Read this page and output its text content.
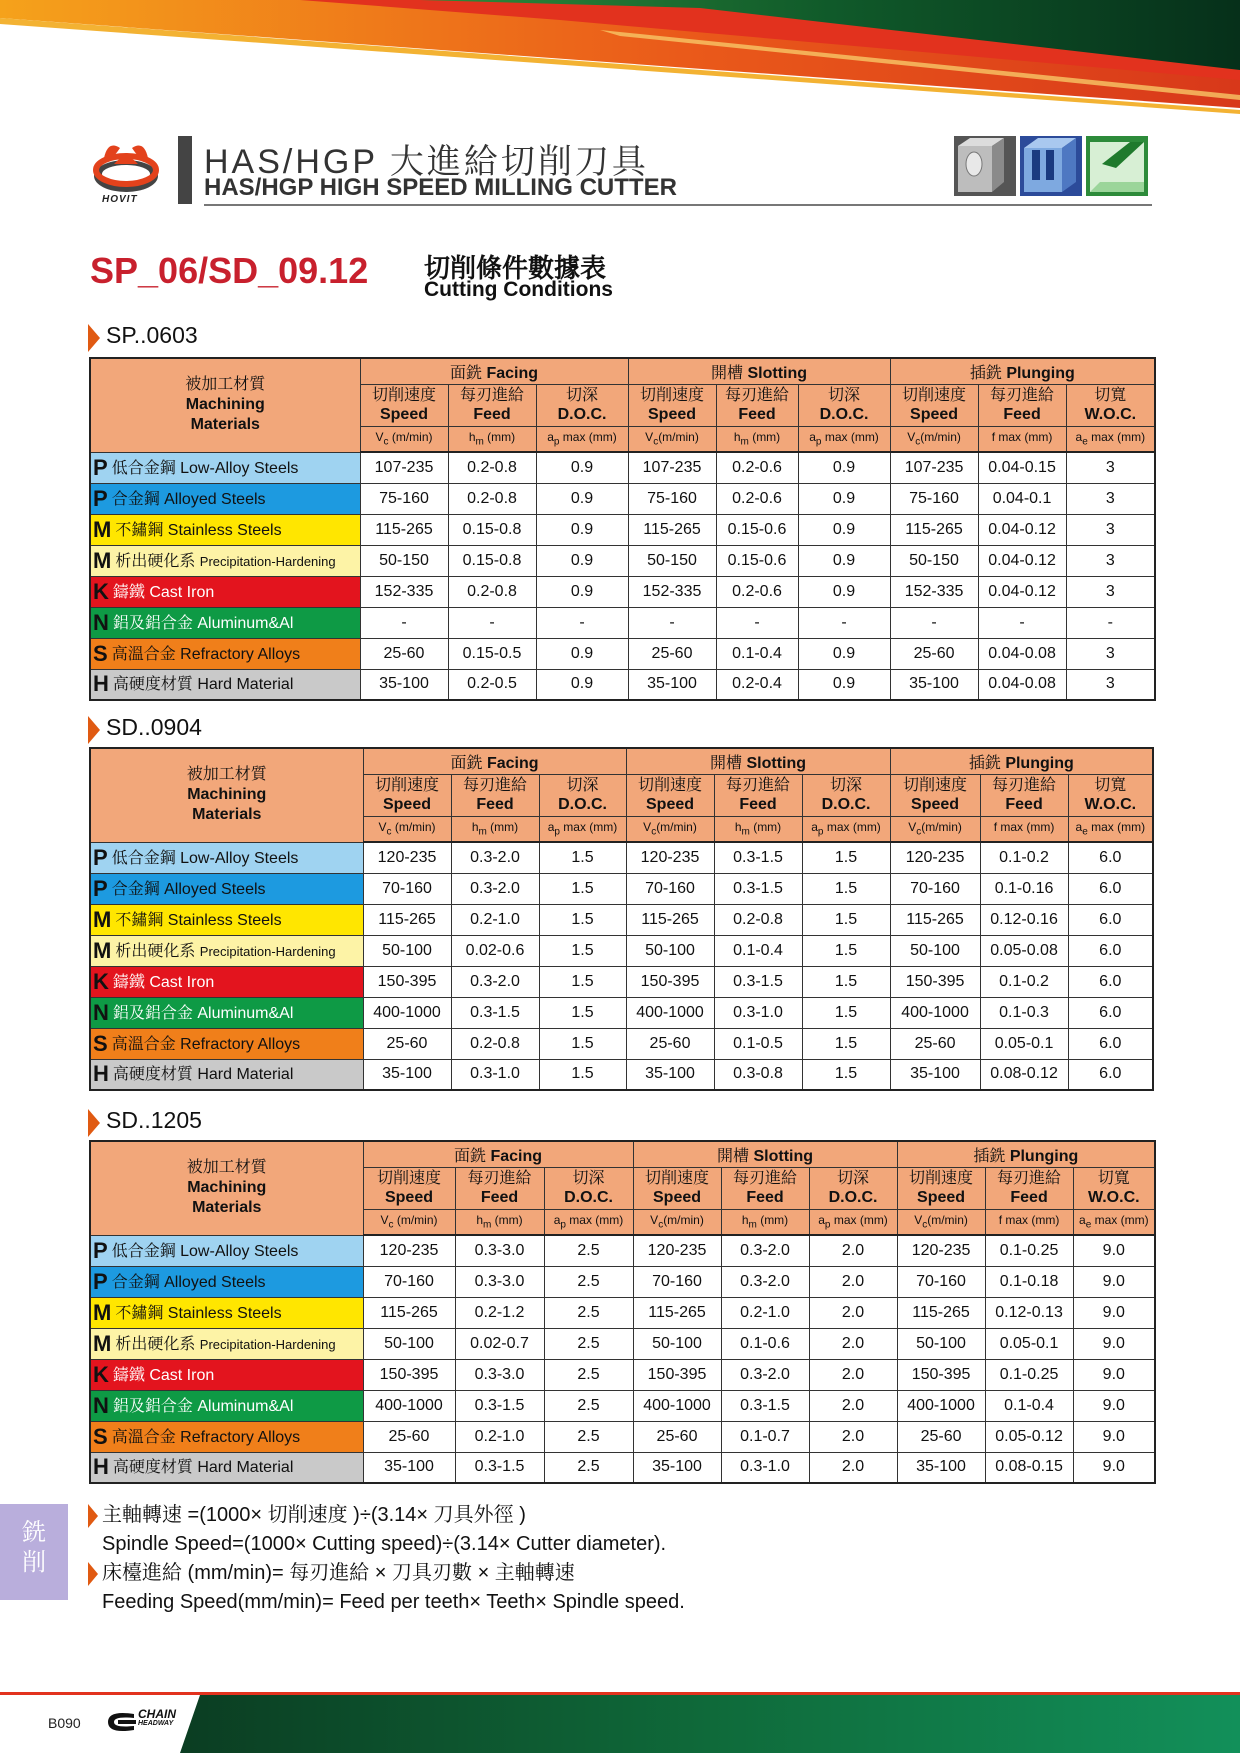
HOVIT
HAS/HGP 大進給切削刀具
HAS/HGP HIGH SPEED MILLING CUTTER
SP_06/SD_09.12 切削條件數據表
Cutting Conditions
SP..0603
被加工材質
Machining
Materials	面銑 Facing			開槽 Slotting			插銑 Plunging		

	切削速度
Speed	每刃進給
Feed	切深
D.O.C.	切削速度
Speed	每刃進給
Feed	切深
D.O.C.	切削速度
Speed	每刃進給
Feed	切寬
W.O.C.

	$V_c$ (m/min)	$h_m$ (mm)	$a_p$ max (mm)	$V_c(m/\min)$	$h_m$ (mm)	$a_p$ max (mm)	$V_c(m/\min)$	f max (mm)	$a_e$ max (mm)
P 低合金鋼 Low-Alloy Steels	107-235	0.2-0.8	0.9	107-235	0.2-0.6	0.9	107-235	0.04-0.15	3
P 合金鋼 Alloyed Steels	75-160	0.2-0.8	0.9	75-160	0.2-0.6	0.9	75-160	0.04-0.1	3
M 不鏽鋼 Stainless Steels	115-265	0.15-0.8	0.9	115-265	0.15-0.6	0.9	115-265	0.04-0.12	3
M 析出硬化系 Precipitation-Hardening	50-150	0.15-0.8	0.9	50-150	0.15-0.6	0.9	50-150	0.04-0.12	3
K 鑄鐵 Cast Iron	152-335	0.2-0.8	0.9	152-335	0.2-0.6	0.9	152-335	0.04-0.12	3
N 鋁及鋁合金 Aluminum&Al	-	-	-	-	-	-	-	-	-
S 高溫合金 Refractory Alloys	25-60	0.15-0.5	0.9	25-60	0.1-0.4	0.9	25-60	0.04-0.08	3
H 高硬度材質 Hard Material	35-100	0.2-0.5	0.9	35-100	0.2-0.4	0.9	35-100	0.04-0.08	3
SD..0904
被加工材質
Machining
Materials	面銑 Facing			開槽 Slotting			插銑 Plunging		

	切削速度
Speed	每刃進給
Feed	切深
D.O.C.	切削速度
Speed	每刃進給
Feed	切深
D.O.C.	切削速度
Speed	每刃進給
Feed	切寬
W.O.C.

	$V_c$ (m/min)	$h_m$ (mm)	$a_p$ max (mm)	$V_c(m/\min)$	$h_m$ (mm)	$a_p$ max (mm)	$V_c(m/\min)$	f max (mm)	$a_e$ max (mm)
P 低合金鋼 Low-Alloy Steels	120-235	0.3-2.0	1.5	120-235	0.3-1.5	1.5	120-235	0.1-0.2	6.0
P 合金鋼 Alloyed Steels	70-160	0.3-2.0	1.5	70-160	0.3-1.5	1.5	70-160	0.1-0.16	6.0
M 不鏽鋼 Stainless Steels	115-265	0.2-1.0	1.5	115-265	0.2-0.8	1.5	115-265	0.12-0.16	6.0
M 析出硬化系 Precipitation-Hardening	50-100	0.02-0.6	1.5	50-100	0.1-0.4	1.5	50-100	0.05-0.08	6.0
K 鑄鐵 Cast Iron	150-395	0.3-2.0	1.5	150-395	0.3-1.5	1.5	150-395	0.1-0.2	6.0
N 鋁及鋁合金 Aluminum&Al	400-1000	0.3-1.5	1.5	400-1000	0.3-1.0	1.5	400-1000	0.1-0.3	6.0
S 高溫合金 Refractory Alloys	25-60	0.2-0.8	1.5	25-60	0.1-0.5	1.5	25-60	0.05-0.1	6.0
H 高硬度材質 Hard Material	35-100	0.3-1.0	1.5	35-100	0.3-0.8	1.5	35-100	0.08-0.12	6.0
SD..1205
被加工材質
Machining
Materials	面銑 Facing			開槽 Slotting			插銑 Plunging		

	切削速度
Speed	每刃進給
Feed	切深
D.O.C.	切削速度
Speed	每刃進給
Feed	切深
D.O.C.	切削速度
Speed	每刃進給
Feed	切寬
W.O.C.

	$V_c$ (m/min)	$h_m$ (mm)	$a_p$ max (mm)	$V_c(m/\min)$	$h_m$ (mm)	$a_p$ max (mm)	$V_c(m/\min)$	f max (mm)	$a_e$ max (mm)
P 低合金鋼 Low-Alloy Steels	120-235	0.3-3.0	2.5	120-235	0.3-2.0	2.0	120-235	0.1-0.25	9.0
P 合金鋼 Alloyed Steels	70-160	0.3-3.0	2.5	70-160	0.3-2.0	2.0	70-160	0.1-0.18	9.0
M 不鏽鋼 Stainless Steels	115-265	0.2-1.2	2.5	115-265	0.2-1.0	2.0	115-265	0.12-0.13	9.0
M 析出硬化系 Precipitation-Hardening	50-100	0.02-0.7	2.5	50-100	0.1-0.6	2.0	50-100	0.05-0.1	9.0
K 鑄鐵 Cast Iron	150-395	0.3-3.0	2.5	150-395	0.3-2.0	2.0	150-395	0.1-0.25	9.0
N 鋁及鋁合金 Aluminum&Al	400-1000	0.3-1.5	2.5	400-1000	0.3-1.5	2.0	400-1000	0.1-0.4	9.0
S 高溫合金 Refractory Alloys	25-60	0.2-1.0	2.5	25-60	0.1-0.7	2.0	25-60	0.05-0.12	9.0
H 高硬度材質 Hard Material	35-100	0.3-1.5	2.5	35-100	0.3-1.0	2.0	35-100	0.08-0.15	9.0
主軸轉速 =(1000× 切削速度 )÷(3.14× 刀具外徑 )
Spindle Speed=(1000× Cutting speed)÷(3.14× Cutter diameter).
床檯進給 (mm/min)= 每刃進給 × 刀具刃數 × 主軸轉速
Feeding Speed(mm/min)= Feed per teeth× Teeth× Spindle speed.
銑
削
B090
CHAIN
HEADWAY
